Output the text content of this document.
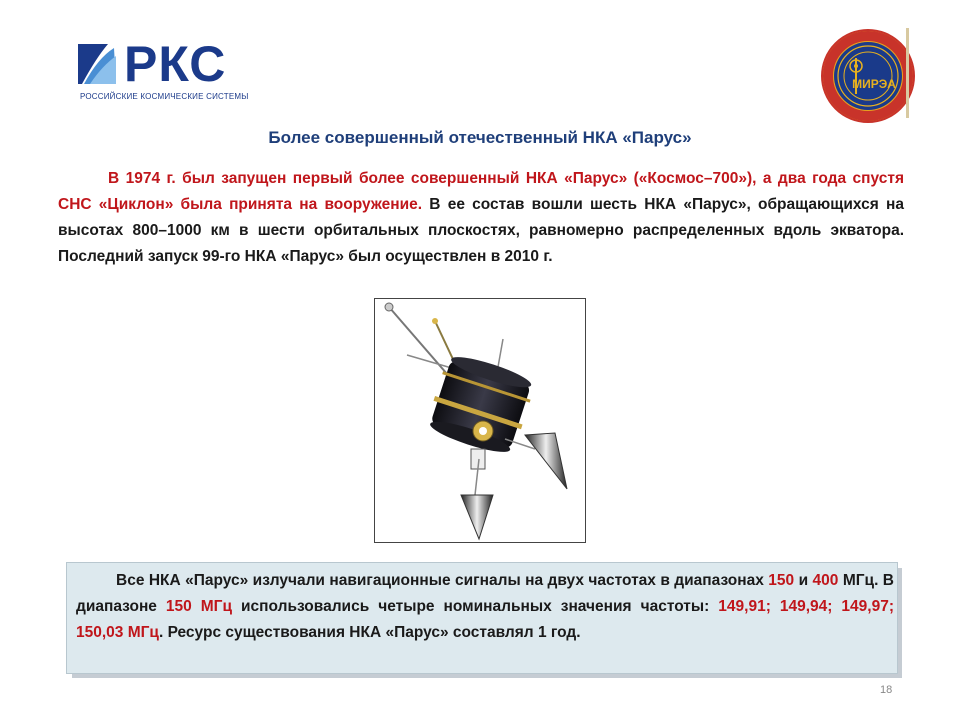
РКС
РОССИЙСКИЕ КОСМИЧЕСКИЕ СИСТЕМЫ
МИРЭА
Более совершенный отечественный НКА «Парус»
В 1974 г. был запущен первый более совершенный НКА «Парус» («Космос–700»), а два года спустя СНС «Циклон» была принята на вооружение. В ее состав вошли шесть НКА «Парус», обращающихся на высотах 800–1000 км в шести орбитальных плоскостях, равномерно распределенных вдоль экватора. Последний запуск 99-го НКА «Парус» был осуществлен в 2010 г.
Все НКА «Парус» излучали навигационные сигналы на двух частотах в диапазонах 150 и 400 МГц. В диапазоне 150 МГц использовались четыре номинальных значения частоты: 149,91; 149,94; 149,97; 150,03 МГц. Ресурс существования НКА «Парус» составлял 1 год.
18
